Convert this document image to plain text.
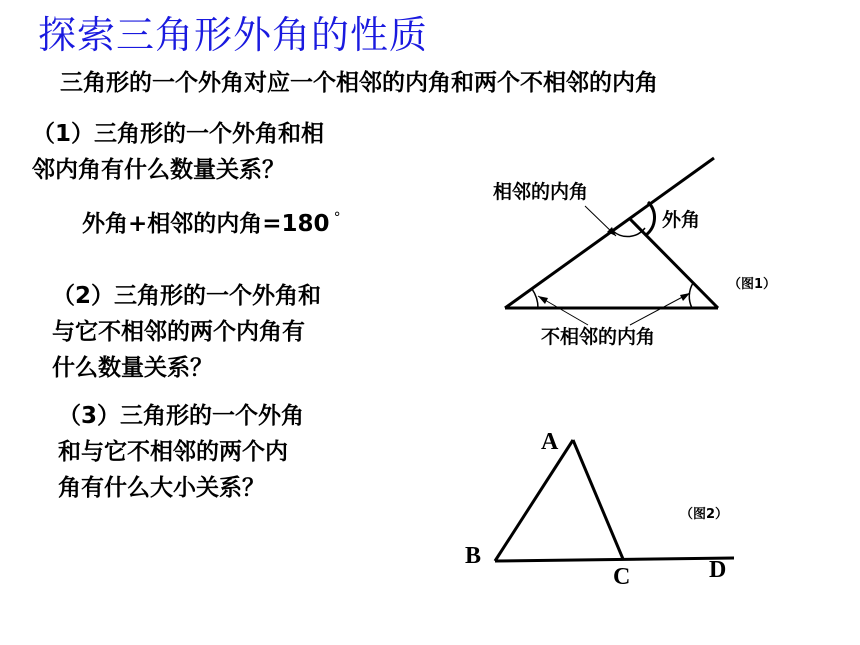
探索三角形外角的性质
三角形的一个外角对应一个相邻的内角和两个不相邻的内角
（1）三角形的一个外角和相
邻内角有什么数量关系？
外角+相邻的内角=180 °
（2）三角形的一个外角和
与它不相邻的两个内角有
什么数量关系？
（3）三角形的一个外角
和与它不相邻的两个内
角有什么大小关系？
相邻的内角
外角
不相邻的内角
（图1）
A
B
C	D
（图2）
